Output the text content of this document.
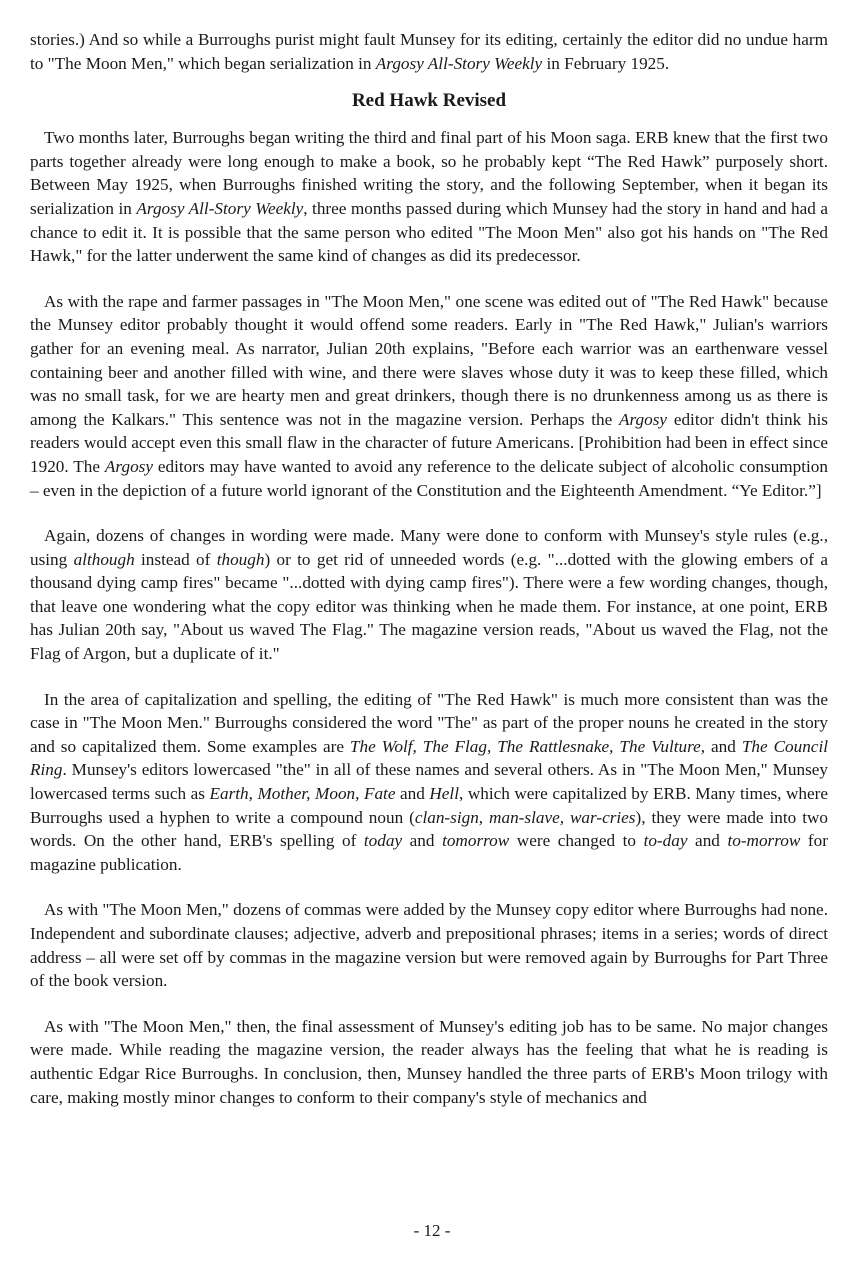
stories.) And so while a Burroughs purist might fault Munsey for its editing, certainly the editor did no undue harm to "The Moon Men," which began serialization in Argosy All-Story Weekly in February 1925.

Red Hawk Revised

Two months later, Burroughs began writing the third and final part of his Moon saga. ERB knew that the first two parts together already were long enough to make a book, so he probably kept “The Red Hawk” purposely short. Between May 1925, when Burroughs finished writing the story, and the following September, when it began its serialization in Argosy All-Story Weekly, three months passed during which Munsey had the story in hand and had a chance to edit it. It is possible that the same person who edited "The Moon Men" also got his hands on "The Red Hawk," for the latter underwent the same kind of changes as did its predecessor.

As with the rape and farmer passages in "The Moon Men," one scene was edited out of "The Red Hawk" because the Munsey editor probably thought it would offend some readers. Early in "The Red Hawk," Julian's warriors gather for an evening meal. As narrator, Julian 20th explains, "Before each warrior was an earthenware vessel containing beer and another filled with wine, and there were slaves whose duty it was to keep these filled, which was no small task, for we are hearty men and great drinkers, though there is no drunkenness among us as there is among the Kalkars." This sentence was not in the magazine version. Perhaps the Argosy editor didn't think his readers would accept even this small flaw in the character of future Americans. [Prohibition had been in effect since 1920. The Argosy editors may have wanted to avoid any reference to the delicate subject of alcoholic consumption – even in the depiction of a future world ignorant of the Constitution and the Eighteenth Amendment. “Ye Editor.”]

Again, dozens of changes in wording were made. Many were done to conform with Munsey's style rules (e.g., using although instead of though) or to get rid of unneeded words (e.g. "...dotted with the glowing embers of a thousand dying camp fires" became "...dotted with dying camp fires"). There were a few wording changes, though, that leave one wondering what the copy editor was thinking when he made them. For instance, at one point, ERB has Julian 20th say, "About us waved The Flag." The magazine version reads, "About us waved the Flag, not the Flag of Argon, but a duplicate of it."

In the area of capitalization and spelling, the editing of "The Red Hawk" is much more consistent than was the case in "The Moon Men." Burroughs considered the word "The" as part of the proper nouns he created in the story and so capitalized them. Some examples are The Wolf, The Flag, The Rattlesnake, The Vulture, and The Council Ring. Munsey's editors lowercased "the" in all of these names and several others. As in "The Moon Men," Munsey lowercased terms such as Earth, Mother, Moon, Fate and Hell, which were capitalized by ERB. Many times, where Burroughs used a hyphen to write a compound noun (clan-sign, man-slave, war-cries), they were made into two words. On the other hand, ERB's spelling of today and tomorrow were changed to to-day and to-morrow for magazine publication.

As with "The Moon Men," dozens of commas were added by the Munsey copy editor where Burroughs had none. Independent and subordinate clauses; adjective, adverb and prepositional phrases; items in a series; words of direct address – all were set off by commas in the magazine version but were removed again by Burroughs for Part Three of the book version.

As with "The Moon Men," then, the final assessment of Munsey's editing job has to be same. No major changes were made. While reading the magazine version, the reader always has the feeling that what he is reading is authentic Edgar Rice Burroughs. In conclusion, then, Munsey handled the three parts of ERB's Moon trilogy with care, making mostly minor changes to conform to their company's style of mechanics and

- 12 -
